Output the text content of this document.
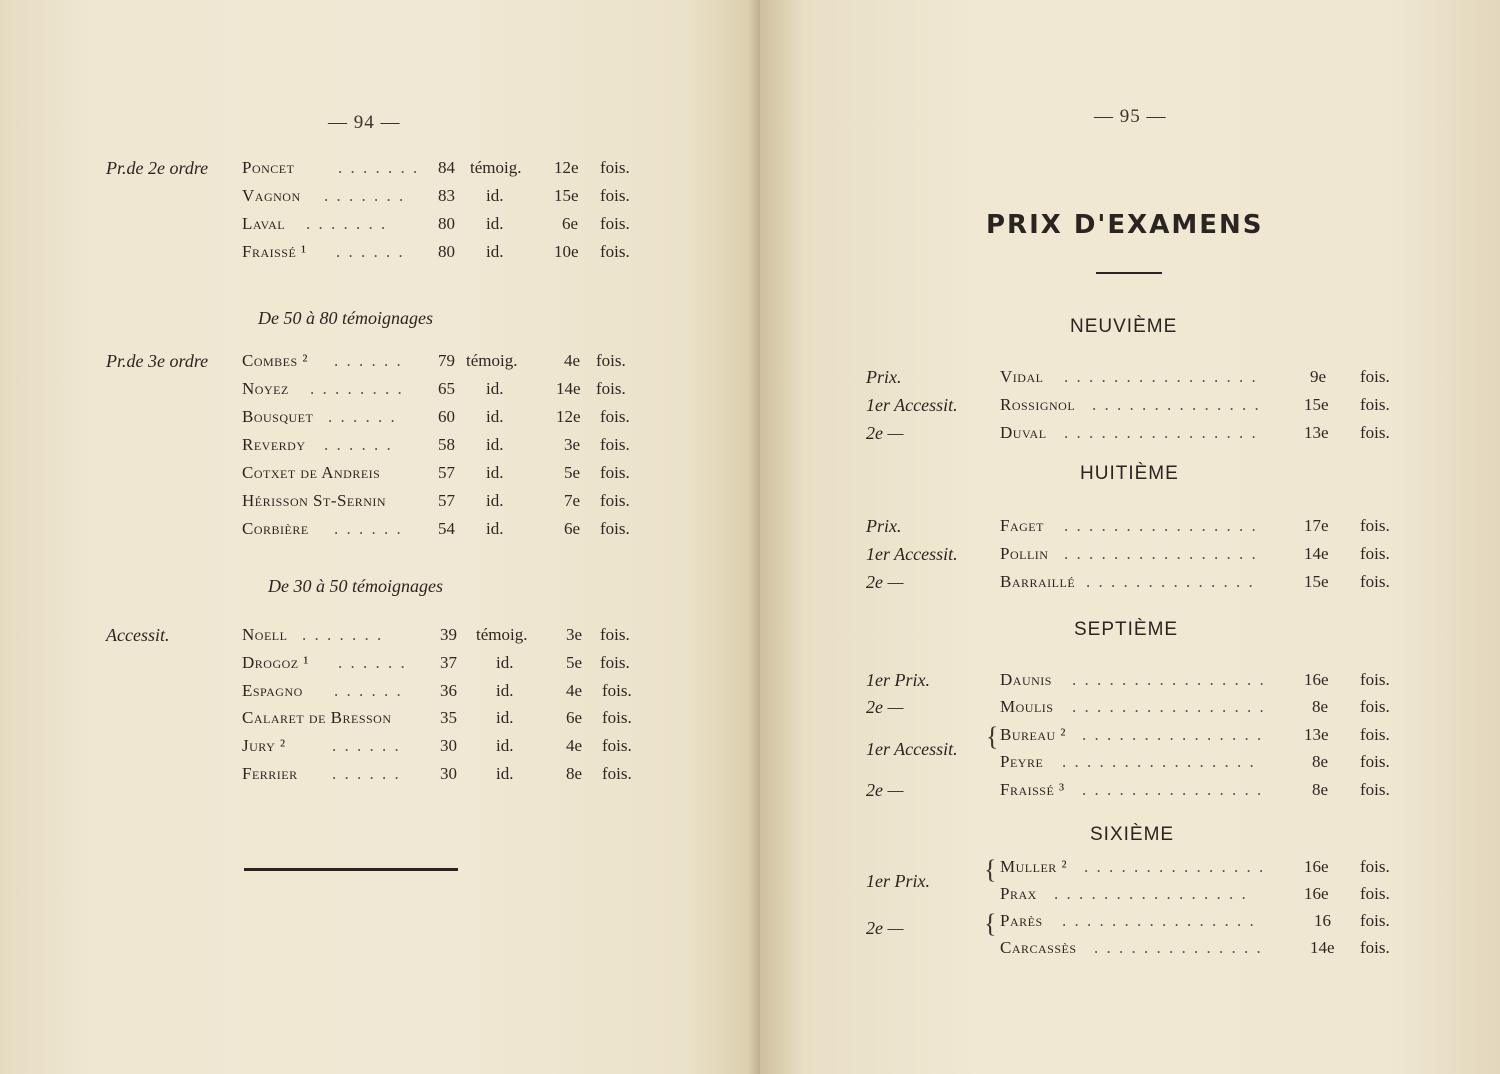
— 94 —
Pr.de 2e ordre Poncet	. . . . . . . 84 témoig. 12e fois.
Vagnon . . . . . . . 83 id.	15e fois.
Laval . . . . . . .	80 id.	6e fois.
Fraissé ¹ . . . . . . 80 id.	10e fois.
De 50 à 80 témoignages
Pr.de 3e ordre Combes ² . . . . . . 79 témoig.	4e fois.
Noyez . . . . . . . . 65 id.	14e fois.
Bousquet . . . . . . 60 id.	12e fois.
Reverdy . . . . . .	58 id.	3e fois.
Cotxet de Andreis	57 id.	5e fois.
Hérisson St-Sernin	57 id.	7e fois.
Corbière . . . . . . 54 id.	6e fois.
De 30 à 50 témoignages
Accessit.	Noell . . . . . . .	39 témoig. 3e fois.
Drogoz ¹ . . . . . . 37 id.	5e fois.
Espagno . . . . . . 36 id.	4e fois.
Calaret de Bresson	35 id.	6e fois.
Jury ²	. . . . . . 30 id.	4e fois.
Ferrier . . . . . . 30 id.	8e fois.
— 95 —
PRIX D'EXAMENS
NEUVIÈME
Prix.	Vidal . . . . . . . . . . . . . . . .	9e fois.
1er Accessit. Rossignol . . . . . . . . . . . . . .	15e fois.
2e —	Duval . . . . . . . . . . . . . . . .	13e fois.
HUITIÈME
Prix.	Faget . . . . . . . . . . . . . . . .	17e fois.
1er Accessit. Pollin . . . . . . . . . . . . . . . .	14e fois.
2e —	Barraillé . . . . . . . . . . . . . .	15e fois.
SEPTIÈME
1er Prix.	Daunis . . . . . . . . . . . . . . . . 16e fois.
2e —	Moulis . . . . . . . . . . . . . . . .	8e fois.
1er Accessit. { Bureau ² . . . . . . . . . . . . . . . 13e fois.
Peyre . . . . . . . . . . . . . . . .	8e fois.
2e —	Fraissé ³ . . . . . . . . . . . . . . .	8e fois.
SIXIÈME
1er Prix. { Muller ² . . . . . . . . . . . . . . . 16e fois.
Prax . . . . . . . . . . . . . . . .	16e fois.
2e —	{ Parès . . . . . . . . . . . . . . . .	16 fois.
Carcassès . . . . . . . . . . . . . .	14e fois.
